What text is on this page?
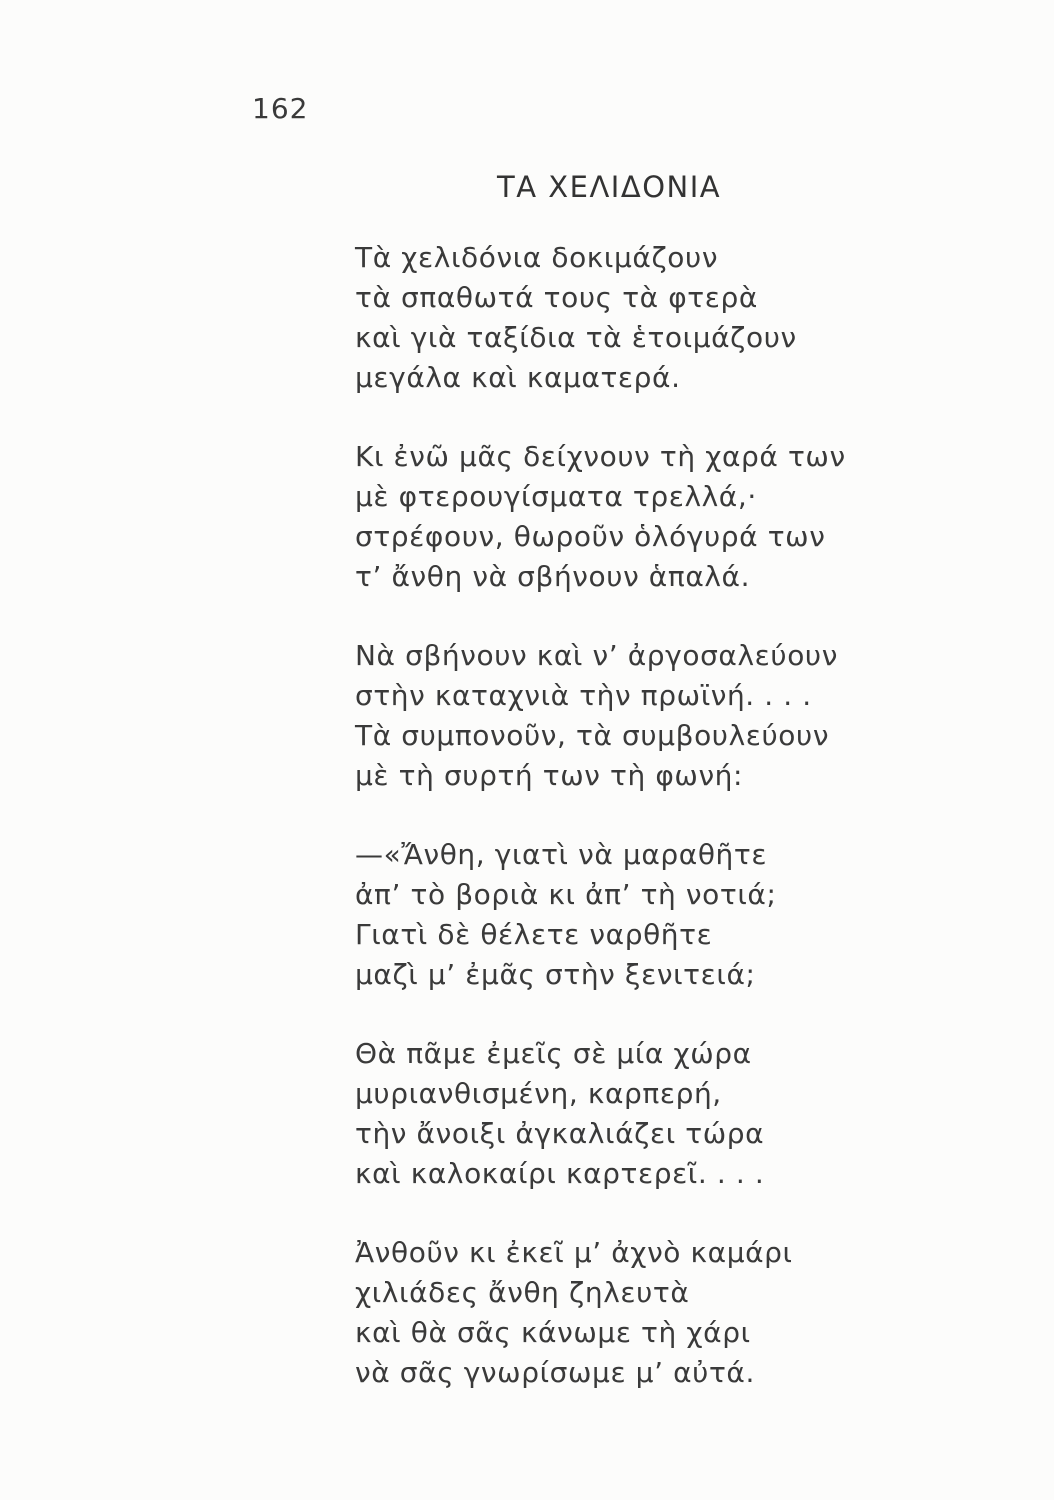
162
ΤΑ ΧΕΛΙΔΟΝΙΑ
Τὰ χελιδόνια δοκιμάζουν
τὰ σπαθωτά τους τὰ φτερὰ
καὶ γιὰ ταξίδια τὰ ἑτοιμάζουν
μεγάλα καὶ καματερά.
Κι ἐνῶ μᾶς δείχνουν τὴ χαρά των
μὲ φτερουγίσματα τρελλά,·
στρέφουν, θωροῦν ὁλόγυρά των
τ’ ἄνθη νὰ σβήνουν ἁπαλά.
Νὰ σβήνουν καὶ ν’ ἀργοσαλεύουν
στὴν καταχνιὰ τὴν πρωϊνή. . . .
Τὰ συμπονοῦν, τὰ συμβουλεύουν
μὲ τὴ συρτή των τὴ φωνή:
—«Ἄνθη, γιατὶ νὰ μαραθῆτε
ἀπ’ τὸ βοριὰ κι ἀπ’ τὴ νοτιά;
Γιατὶ δὲ θέλετε ναρθῆτε
μαζὶ μ’ ἐμᾶς στὴν ξενιτειά;
Θὰ πᾶμε ἐμεῖς σὲ μία χώρα
μυριανθισμένη, καρπερή,
τὴν ἄνοιξι ἀγκαλιάζει τώρα
καὶ καλοκαίρι καρτερεῖ. . . .
Ἀνθοῦν κι ἐκεῖ μ’ ἀχνὸ καμάρι
χιλιάδες ἄνθη ζηλευτὰ
καὶ θὰ σᾶς κάνωμε τὴ χάρι
νὰ σᾶς γνωρίσωμε μ’ αὐτά.
